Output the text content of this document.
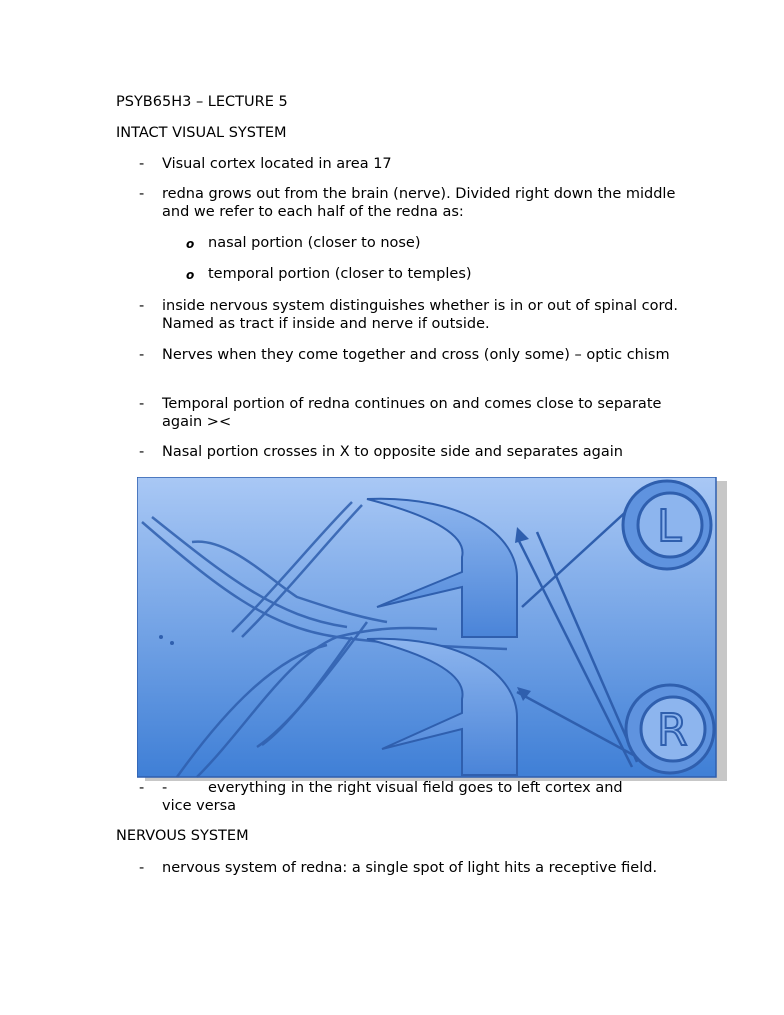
PSYB65H3 – LECTURE 5
INTACT VISUAL SYSTEM
- Visual cortex located in area 17
- redna grows out from the brain (nerve). Divided right down the middle and we refer to each half of the redna as:
o nasal portion (closer to nose)
o temporal portion (closer to temples)
- inside nervous system distinguishes whether is in or out of spinal cord. Named as tract if inside and nerve if outside.
- Nerves when they come together and cross (only some) – optic chism
- Temporal portion of redna continues on and comes close to separate again ><
- Nasal portion crosses in X to opposite side and separates again
L
R
- -	everything in the right visual field goes to left cortex and
vice versa
NERVOUS SYSTEM
- nervous system of redna: a single spot of light hits a receptive field.
